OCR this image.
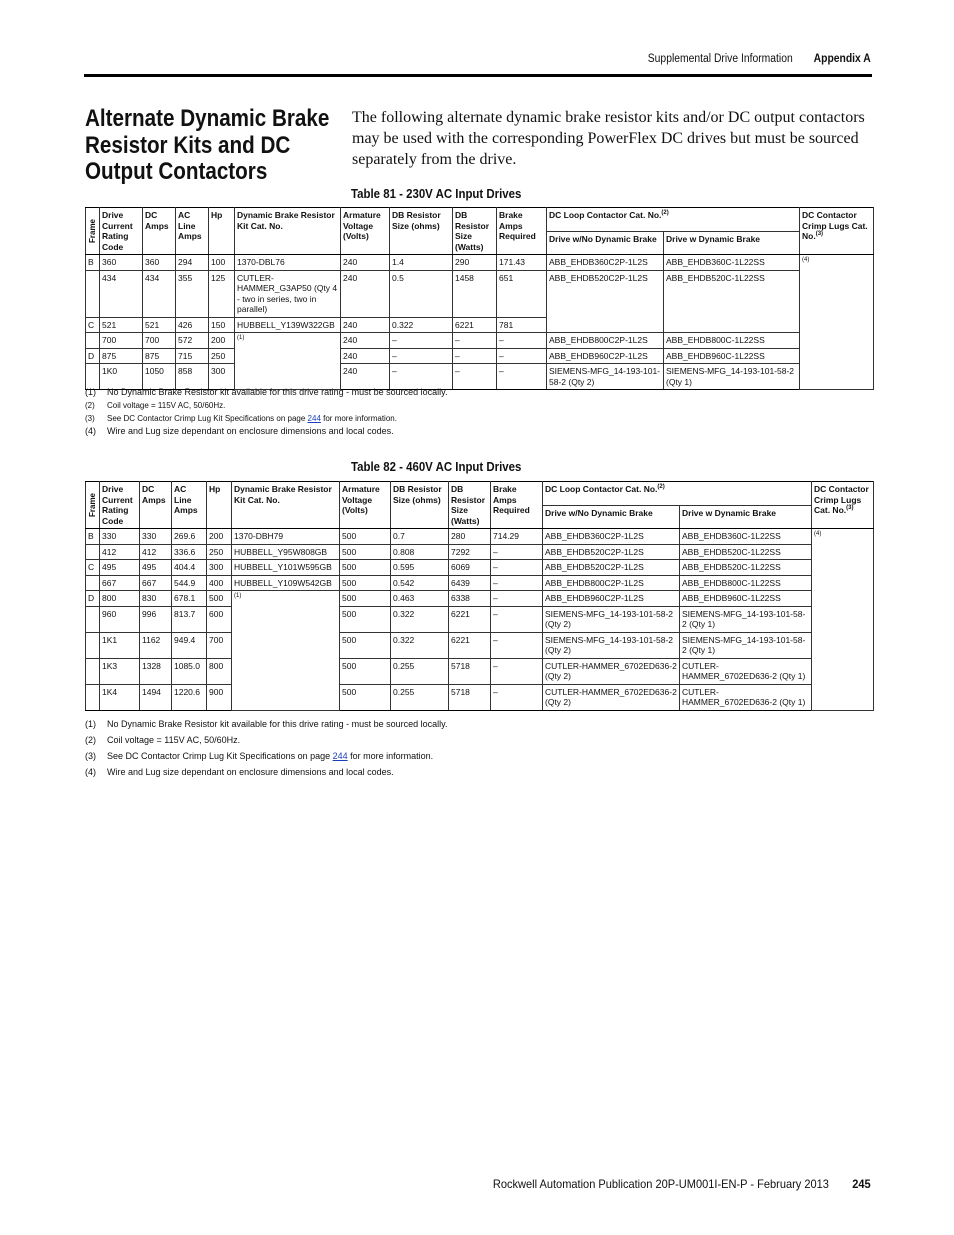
Supplemental Drive Information Appendix A
Alternate Dynamic Brake Resistor Kits and DC Output Contactors

The following alternate dynamic brake resistor kits and/or DC output contactors may be used with the corresponding PowerFlex DC drives but must be sourced separately from the drive.

Table 81 - 230V AC Input Drives
Frame	Drive Current Rating Code	DC Amps	AC Line Amps	Hp	Dynamic Brake Resistor Kit Cat. No.	Armature Voltage (Volts)	DB Resistor Size (ohms)	DB Resistor Size (Watts)	Brake Amps Required	DC Loop Contactor Cat. No.$^{(2)}$		DC Contactor Crimp Lugs Cat. No.$^{(3)}$
										Drive w/No Dynamic Brake	Drive w Dynamic Brake	
B	360	360	294	100	1370-DBL76	240	1.4	290	171.43	ABB_EHDB360C2P-1L2S	ABB_EHDB360C-1L22SS	$^{(4)}$
	434	434	355	125	CUTLER-HAMMER_G3AP50 (Qty 4 - two in series, two in parallel)	240	0.5	1458	651	ABB_EHDB520C2P-1L2S	ABB_EHDB520C-1L22SS	
C	521	521	426	150	HUBBELL_Y139W322GB	240	0.322	6221	781			
	700	700	572	200	$^{(1)}$	240	–	–	–	ABB_EHDB800C2P-1L2S	ABB_EHDB800C-1L22SS	
D	875	875	715	250		240	–	–	–	ABB_EHDB960C2P-1L2S	ABB_EHDB960C-1L22SS	
	1K0	1050	858	300		240	–	–	–	SIEMENS-MFG_14-193-101-58-2 (Qty 2)	SIEMENS-MFG_14-193-101-58-2 (Qty 1)	
(1) No Dynamic Brake Resistor kit available for this drive rating - must be sourced locally.
(2) Coil voltage = 115V AC, 50/60Hz.
(3) See DC Contactor Crimp Lug Kit Specifications on page 244 for more information.
(4) Wire and Lug size dependant on enclosure dimensions and local codes.
Table 82 - 460V AC Input Drives
Frame	Drive Current Rating Code	DC Amps	AC Line Amps	Hp	Dynamic Brake Resistor Kit Cat. No.	Armature Voltage (Volts)	DB Resistor Size (ohms)	DB Resistor Size (Watts)	Brake Amps Required	DC Loop Contactor Cat. No.$^{(2)}$		DC Contactor Crimp Lugs Cat. No.$^{(3)}$
										Drive w/No Dynamic Brake	Drive w Dynamic Brake	
B	330	330	269.6	200	1370-DBH79	500	0.7	280	714.29	ABB_EHDB360C2P-1L2S	ABB_EHDB360C-1L22SS	$^{(4)}$
	412	412	336.6	250	HUBBELL_Y95W808GB	500	0.808	7292	–	ABB_EHDB520C2P-1L2S	ABB_EHDB520C-1L22SS	
C	495	495	404.4	300	HUBBELL_Y101W595GB	500	0.595	6069	–	ABB_EHDB520C2P-1L2S	ABB_EHDB520C-1L22SS	
	667	667	544.9	400	HUBBELL_Y109W542GB	500	0.542	6439	–	ABB_EHDB800C2P-1L2S	ABB_EHDB800C-1L22SS	
D	800	830	678.1	500	$^{(1)}$	500	0.463	6338	–	ABB_EHDB960C2P-1L2S	ABB_EHDB960C-1L22SS	
	960	996	813.7	600		500	0.322	6221	–	SIEMENS-MFG_14-193-101-58-2 (Qty 2)	SIEMENS-MFG_14-193-101-58-2 (Qty 1)	
	1K1	1162	949.4	700		500	0.322	6221	–	SIEMENS-MFG_14-193-101-58-2 (Qty 2)	SIEMENS-MFG_14-193-101-58-2 (Qty 1)	
	1K3	1328	1085.0	800		500	0.255	5718	–	CUTLER-HAMMER_6702ED636-2 (Qty 2)	CUTLER-HAMMER_6702ED636-2 (Qty 1)	
	1K4	1494	1220.6	900		500	0.255	5718	–	CUTLER-HAMMER_6702ED636-2 (Qty 2)	CUTLER-HAMMER_6702ED636-2 (Qty 1)	
(1) No Dynamic Brake Resistor kit available for this drive rating - must be sourced locally.
(2) Coil voltage = 115V AC, 50/60Hz.
(3) See DC Contactor Crimp Lug Kit Specifications on page 244 for more information.
(4) Wire and Lug size dependant on enclosure dimensions and local codes.
Rockwell Automation Publication 20P-UM001I-EN-P - February 2013 245
